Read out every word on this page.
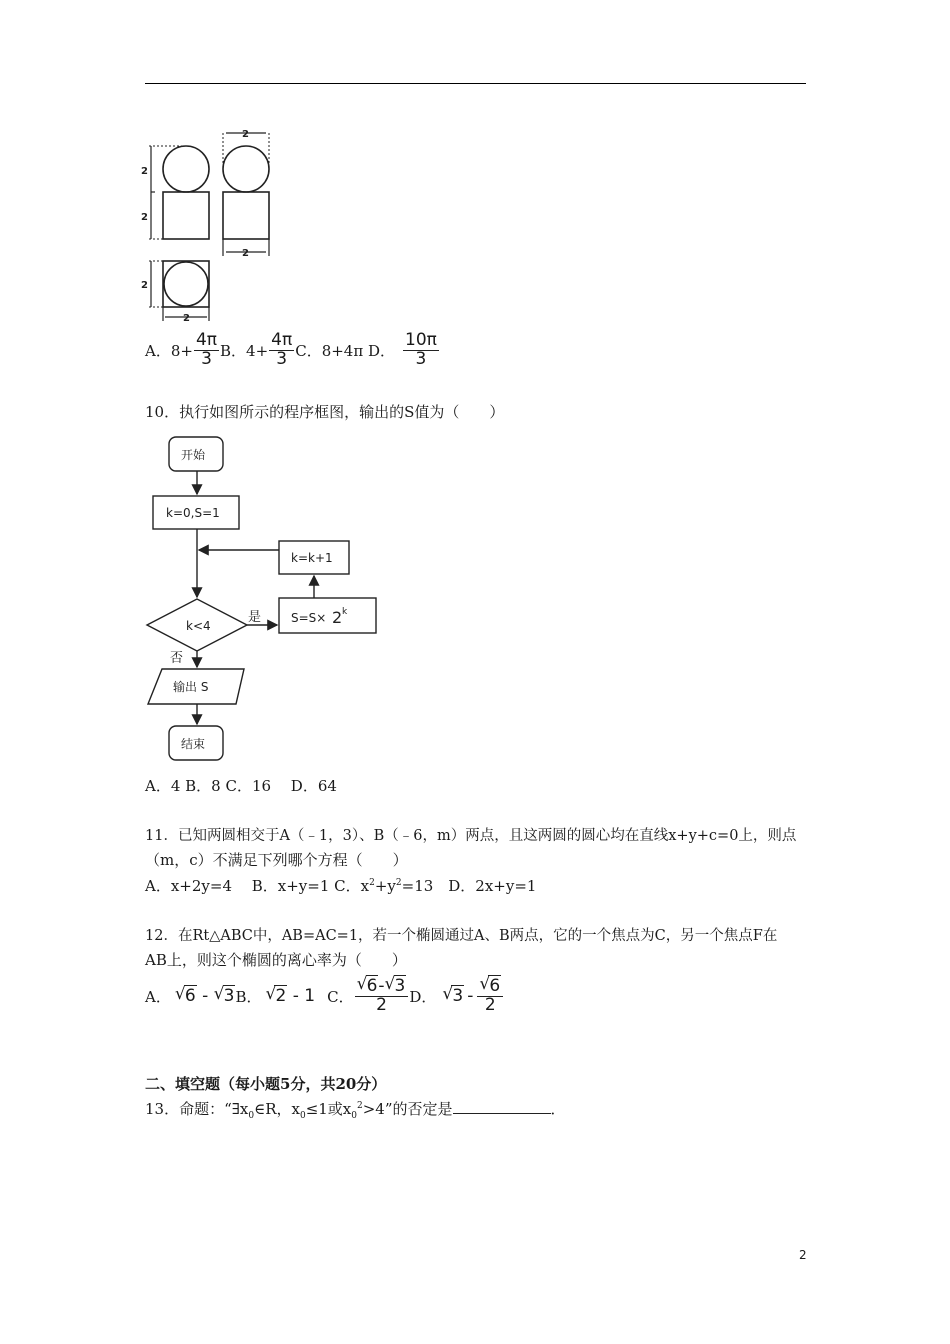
2
2
2
2
2
2
A．$8+ \frac{4\pi}{3}$ B．$4+ \frac{4\pi}{3}$ C．8+4π D． $\frac{10\pi}{3}$
10．执行如图所示的程序框图，输出的S值为（　　）
开始
k=0,S=1
k=k+1
k<4
是
否
S=S× 2 k
输出 S
结束
A．4 B．8 C．16　 D．64
11．已知两圆相交于A（﹣1，3）、B（﹣6，m）两点，且这两圆的圆心均在直线x+y+c=0上，则点
（m，c）不满足下列哪个方程（　　）
A．x+2y=4　 B．x+y=1 C．$x^2+y^2=13$　D．2x+y=1
12．在Rt△ABC中，AB=AC=1，若一个椭圆通过A、B两点，它的一个焦点为C，另一个焦点F在
AB上，则这个椭圆的离心率为（　　）
A． √ 6 - √ 3 B． √ 2 - 1 C． √ $\frac{6- √ 3}{2}$ D． √ 3 - √ $\frac{6}{2}$
二、填空题（每小题5分，共20分）
13．命题：“$\exists x_0\in R$，$x_0\le 1$或$x_0^2>4$”的否定是	．
2
